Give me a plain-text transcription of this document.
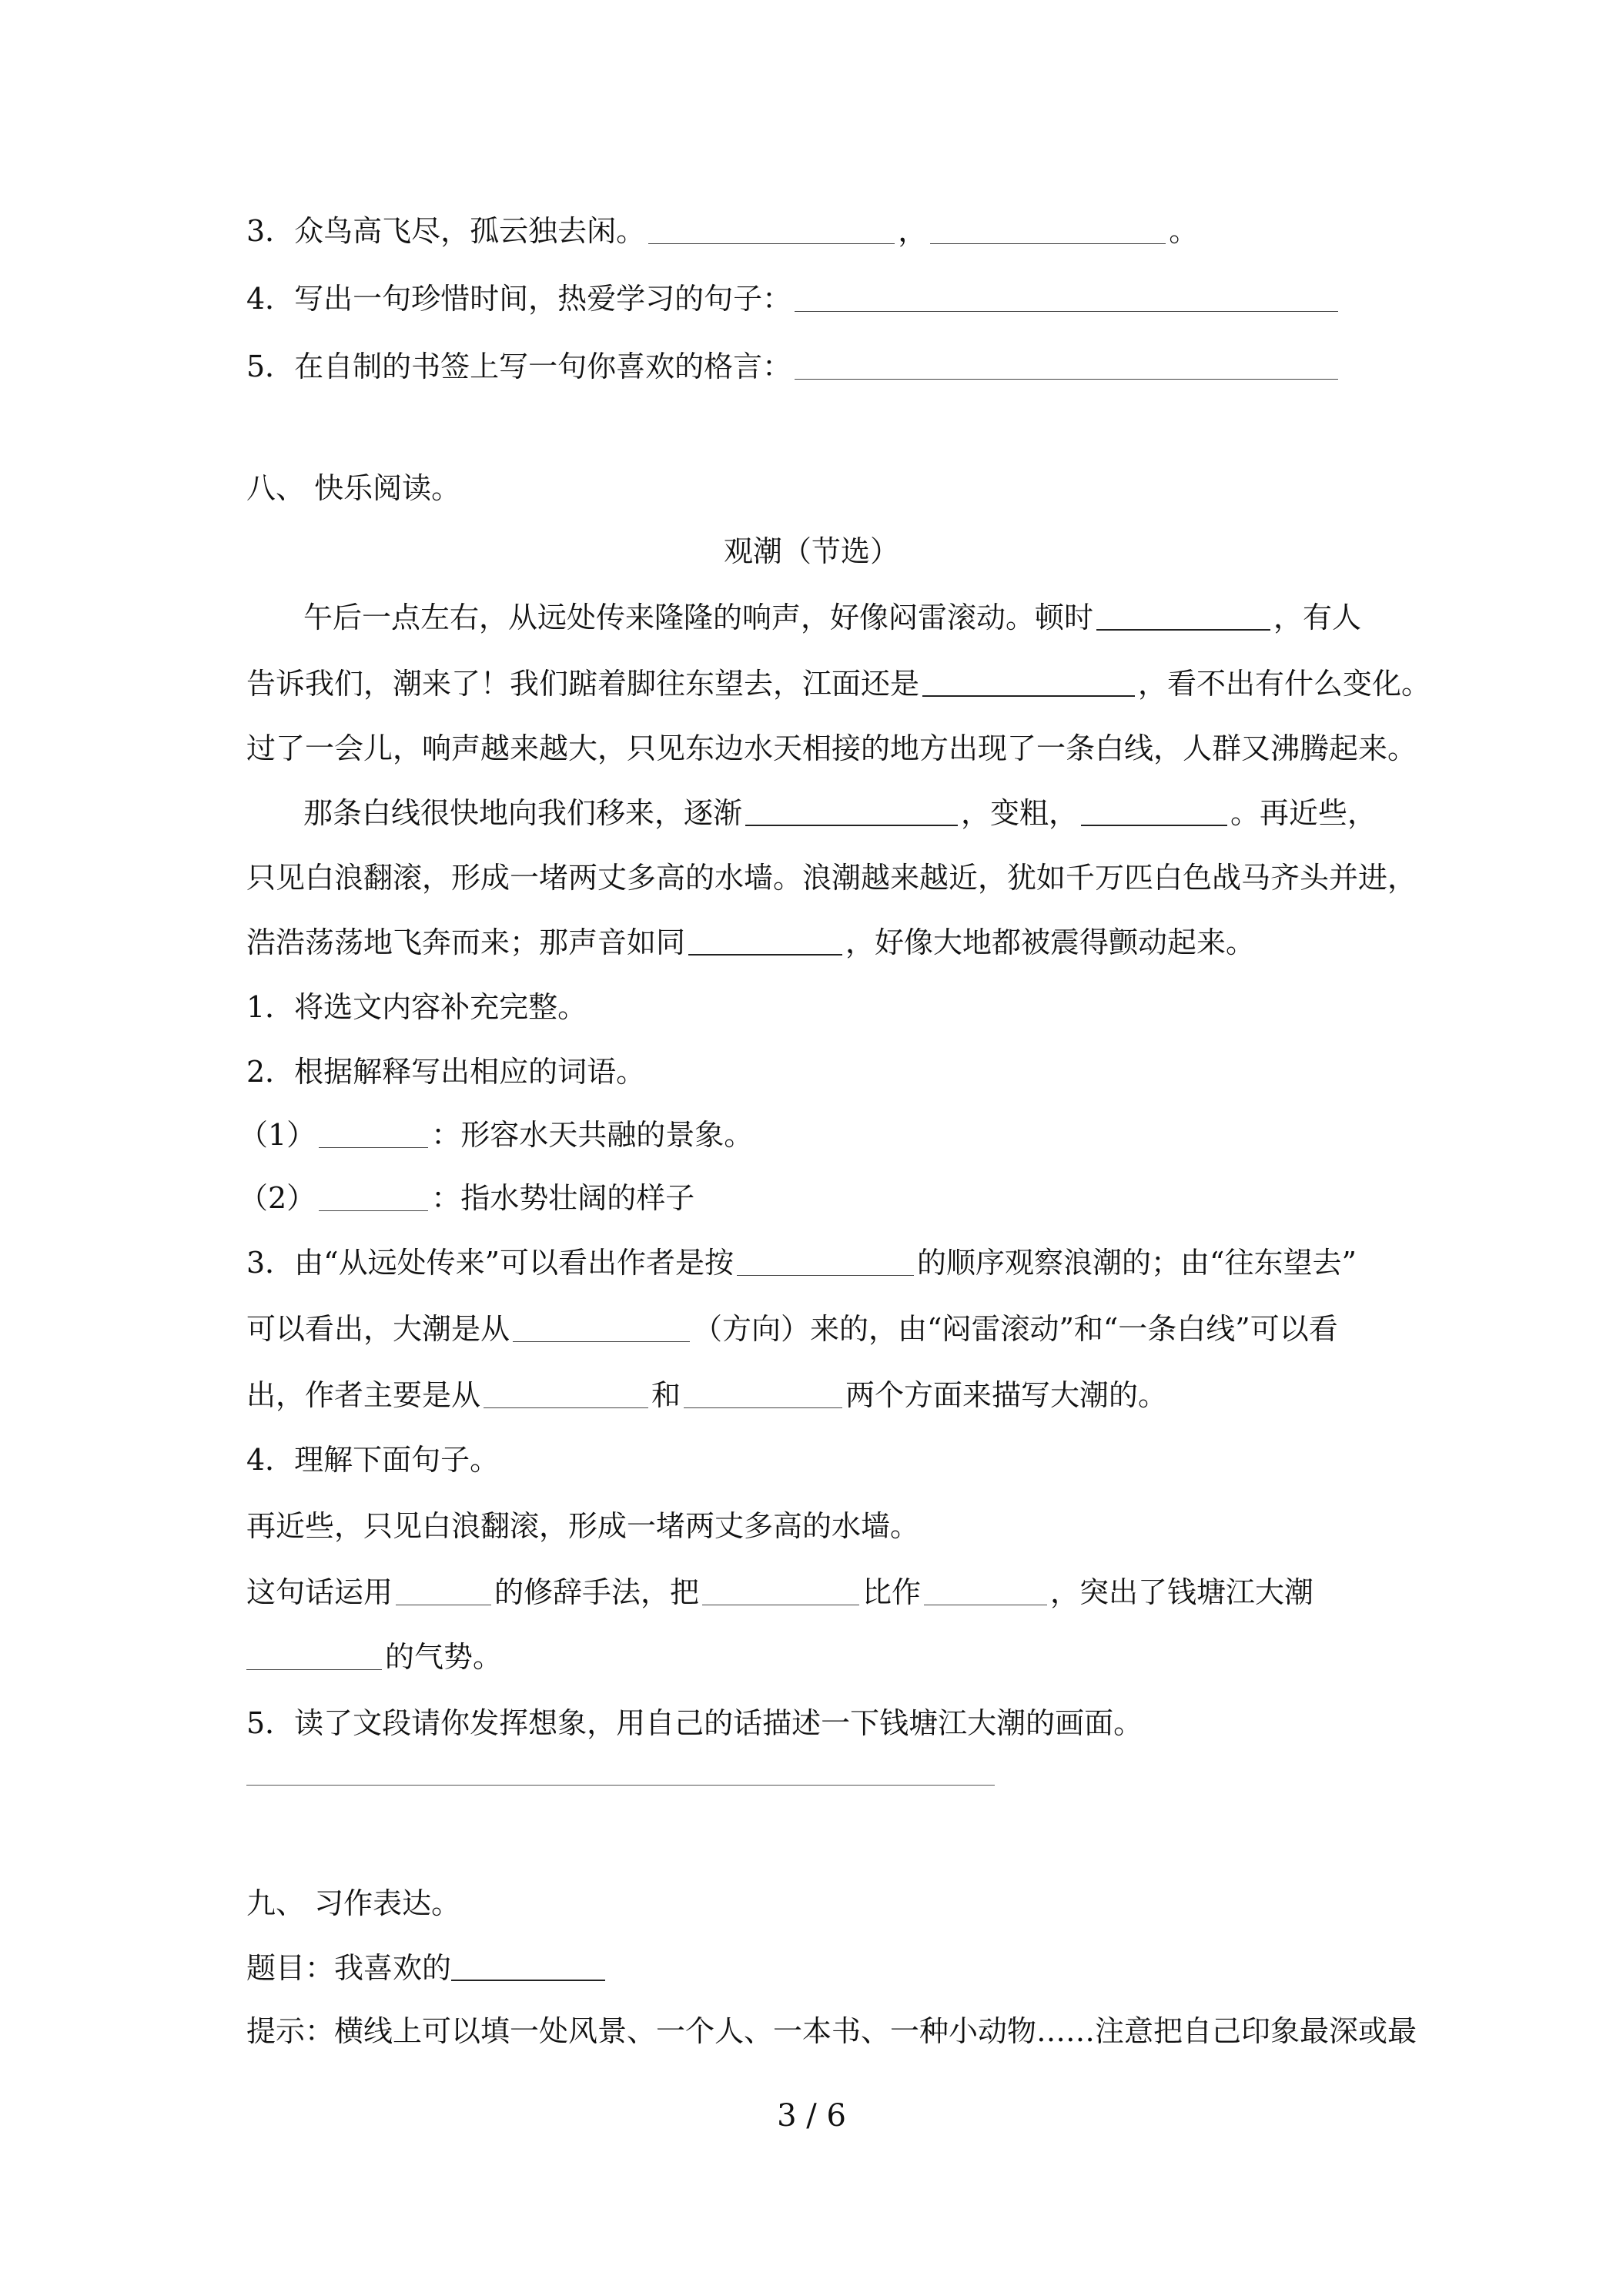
3．众鸟高飞尽，孤云独去闲。	，	。
4．写出一句珍惜时间，热爱学习的句子：
5．在自制的书签上写一句你喜欢的格言：
八、 快乐阅读。
观潮（节选）
午后一点左右，从远处传来隆隆的响声，好像闷雷滚动。顿时	，有人
告诉我们，潮来了！我们踮着脚往东望去，江面还是	，看不出有什么变化。
过了一会儿，响声越来越大，只见东边水天相接的地方出现了一条白线，人群又沸腾起来。
那条白线很快地向我们移来，逐渐	，变粗，	。再近些，
只见白浪翻滚，形成一堵两丈多高的水墙。浪潮越来越近，犹如千万匹白色战马齐头并进，
浩浩荡荡地飞奔而来；那声音如同	，好像大地都被震得颤动起来。
1．将选文内容补充完整。
2．根据解释写出相应的词语。
（1）	：形容水天共融的景象。
（2）	：指水势壮阔的样子
3．由“从远处传来”可以看出作者是按	的顺序观察浪潮的；由“往东望去”
可以看出，大潮是从	（方向）来的，由“闷雷滚动”和“一条白线”可以看
出，作者主要是从	和	两个方面来描写大潮的。
4．理解下面句子。
再近些，只见白浪翻滚，形成一堵两丈多高的水墙。
这句话运用	的修辞手法，把	比作	，突出了钱塘江大潮
的气势。
5．读了文段请你发挥想象，用自己的话描述一下钱塘江大潮的画面。
九、 习作表达。
题目：我喜欢的
提示：横线上可以填一处风景、一个人、一本书、一种小动物……注意把自己印象最深或最
3 / 6
